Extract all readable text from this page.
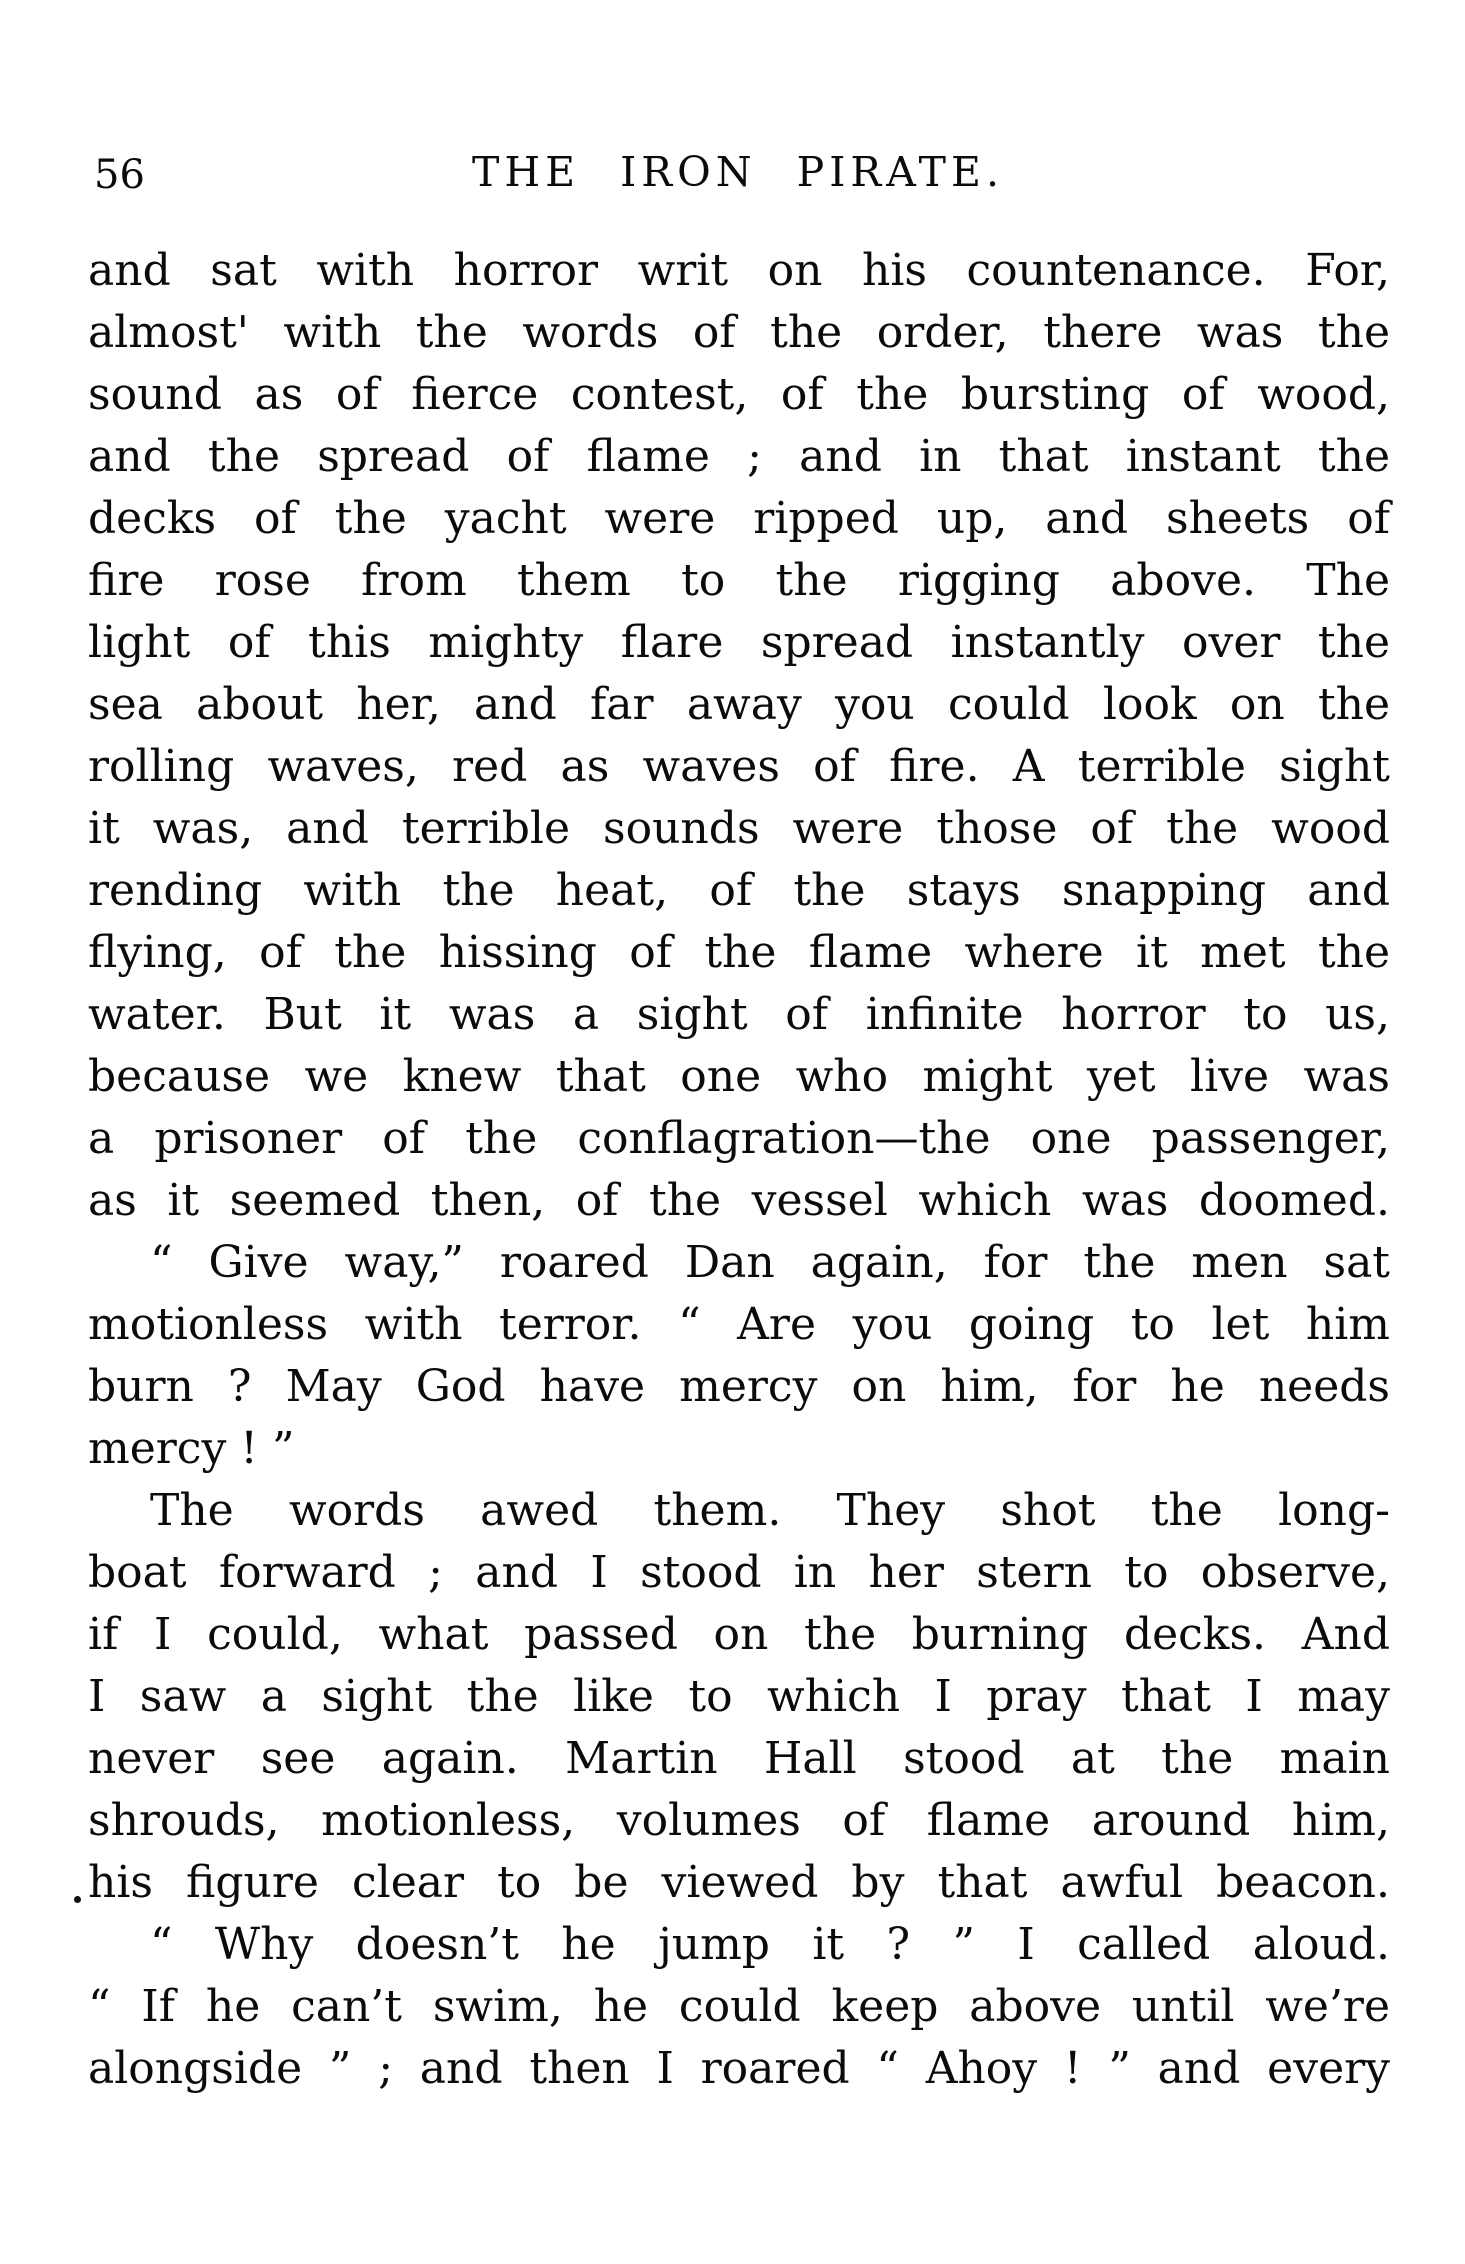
56	THE IRON PIRATE.
and sat with horror writ on his countenance. For,
almost' with the words of the order, there was the
sound as of fierce contest, of the bursting of wood,
and the spread of flame ; and in that instant the
decks of the yacht were ripped up, and sheets of
fire rose from them to the rigging above. The
light of this mighty flare spread instantly over the
sea about her, and far away you could look on the
rolling waves, red as waves of fire. A terrible sight
it was, and terrible sounds were those of the wood
rending with the heat, of the stays snapping and
flying, of the hissing of the flame where it met the
water. But it was a sight of infinite horror to us,
because we knew that one who might yet live was
a prisoner of the conflagration—the one passenger,
as it seemed then, of the vessel which was doomed.
“ Give way,” roared Dan again, for the men sat
motionless with terror. “ Are you going to let him
burn ? May God have mercy on him, for he needs
mercy ! ”
The words awed them. They shot the long-
boat forward ; and I stood in her stern to observe,
if I could, what passed on the burning decks. And
I saw a sight the like to which I pray that I may
never see again. Martin Hall stood at the main
shrouds, motionless, volumes of flame around him,
his figure clear to be viewed by that awful beacon.
“ Why doesn’t he jump it ? ” I called aloud.
“ If he can’t swim, he could keep above until we’re
alongside ” ; and then I roared “ Ahoy ! ” and every
